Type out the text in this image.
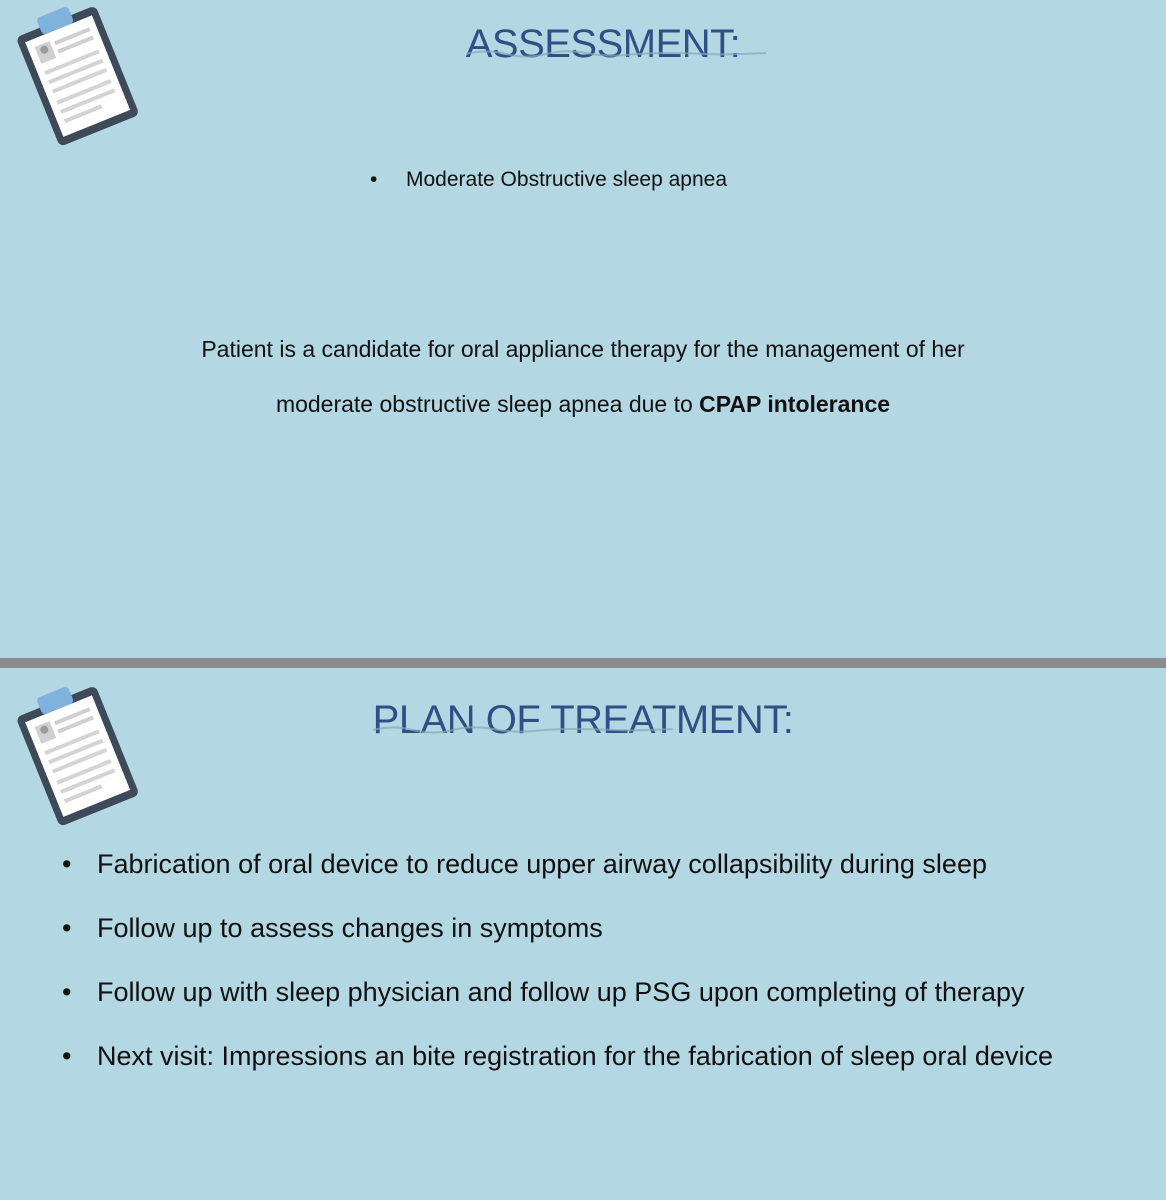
ASSESSMENT:
• Moderate Obstructive sleep apnea
Patient is a candidate for oral appliance therapy for the management of her
moderate obstructive sleep apnea due to CPAP intolerance
PLAN OF TREATMENT:
• Fabrication of oral device to reduce upper airway collapsibility during sleep
• Follow up to assess changes in symptoms
• Follow up with sleep physician and follow up PSG upon completing of therapy
• Next visit: Impressions an bite registration for the fabrication of sleep oral device
